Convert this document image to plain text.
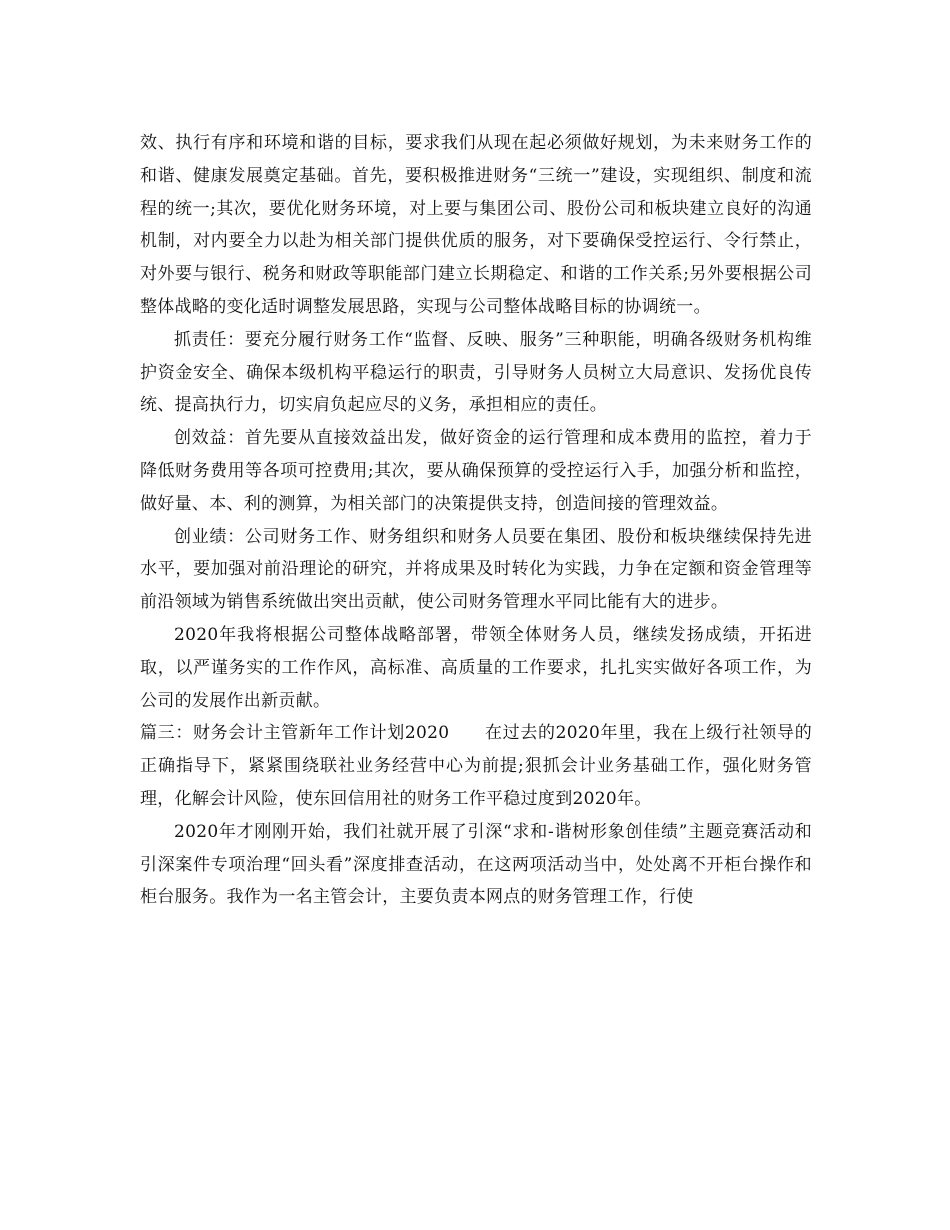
效、执行有序和环境和谐的目标，要求我们从现在起必须做好规划，为未来财务工作的和谐、健康发展奠定基础。首先，要积极推进财务“三统一”建设，实现组织、制度和流程的统一;其次，要优化财务环境，对上要与集团公司、股份公司和板块建立良好的沟通机制，对内要全力以赴为相关部门提供优质的服务，对下要确保受控运行、令行禁止，对外要与银行、税务和财政等职能部门建立长期稳定、和谐的工作关系;另外要根据公司整体战略的变化适时调整发展思路，实现与公司整体战略目标的协调统一。

抓责任：要充分履行财务工作“监督、反映、服务”三种职能，明确各级财务机构维护资金安全、确保本级机构平稳运行的职责，引导财务人员树立大局意识、发扬优良传统、提高执行力，切实肩负起应尽的义务，承担相应的责任。

创效益：首先要从直接效益出发，做好资金的运行管理和成本费用的监控，着力于降低财务费用等各项可控费用;其次，要从确保预算的受控运行入手，加强分析和监控，做好量、本、利的测算，为相关部门的决策提供支持，创造间接的管理效益。

创业绩：公司财务工作、财务组织和财务人员要在集团、股份和板块继续保持先进水平，要加强对前沿理论的研究，并将成果及时转化为实践，力争在定额和资金管理等前沿领域为销售系统做出突出贡献，使公司财务管理水平同比能有大的进步。

2020年我将根据公司整体战略部署，带领全体财务人员，继续发扬成绩，开拓进取，以严谨务实的工作作风，高标准、高质量的工作要求，扎扎实实做好各项工作，为公司的发展作出新贡献。

篇三：财务会计主管新年工作计划2020　　在过去的2020年里，我在上级行社领导的正确指导下，紧紧围绕联社业务经营中心为前提;狠抓会计业务基础工作，强化财务管理，化解会计风险，使东回信用社的财务工作平稳过度到2020年。

2020年才刚刚开始，我们社就开展了引深“求和-谐树形象创佳绩”主题竞赛活动和引深案件专项治理“回头看”深度排查活动，在这两项活动当中，处处离不开柜台操作和柜台服务。我作为一名主管会计，主要负责本网点的财务管理工作，行使
